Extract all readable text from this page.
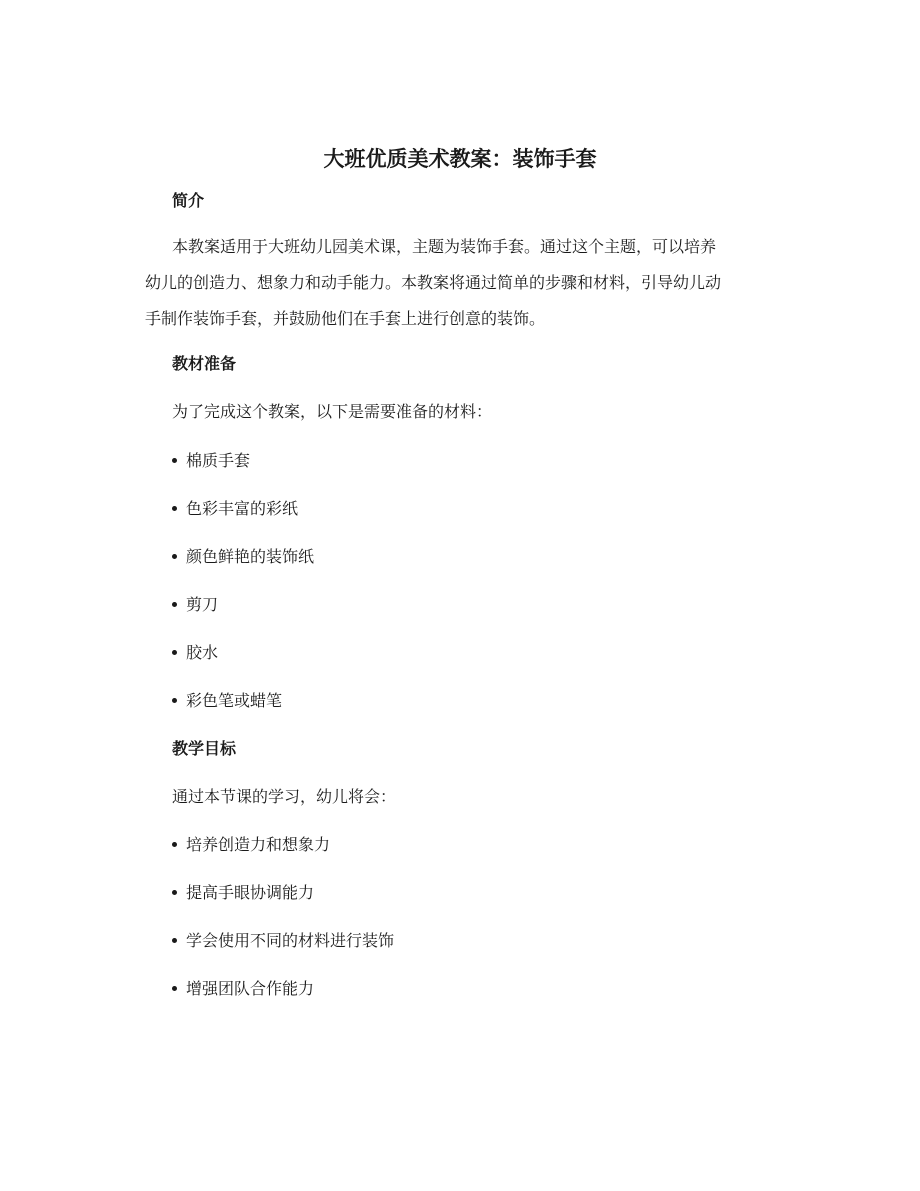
大班优质美术教案：装饰手套
简介

本教案适用于大班幼儿园美术课，主题为装饰手套。通过这个主题，可以培养
幼儿的创造力、想象力和动手能力。本教案将通过简单的步骤和材料，引导幼儿动
手制作装饰手套，并鼓励他们在手套上进行创意的装饰。

教材准备

为了完成这个教案，以下是需要准备的材料：

棉质手套

色彩丰富的彩纸

颜色鲜艳的装饰纸

剪刀

胶水

彩色笔或蜡笔

教学目标

通过本节课的学习，幼儿将会：

培养创造力和想象力

提高手眼协调能力

学会使用不同的材料进行装饰

增强团队合作能力
